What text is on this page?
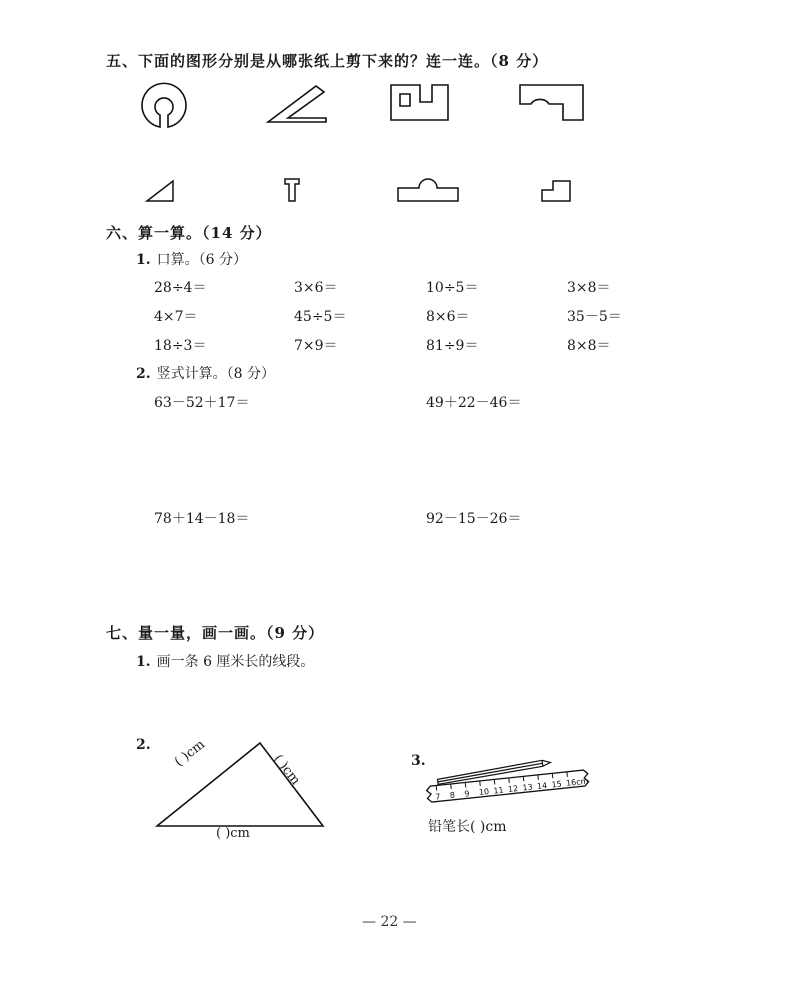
五、下面的图形分别是从哪张纸上剪下来的？连一连。（8 分）
六、算一算。（14 分）
1. 口算。（6 分）
28÷4＝	3×6＝	10÷5＝	3×8＝
4×7＝	45÷5＝	8×6＝	35－5＝
18÷3＝	7×9＝	81÷9＝	8×8＝
2. 竖式计算。（8 分）
63－52＋17＝	49＋22－46＝
78＋14－18＝	92－15－26＝
七、量一量，画一画。（9 分）
1. 画一条 6 厘米长的线段。
2. ( )cm	( )cm
( )cm
3.
7 8 9 10 11 12 13 14 15 16cm
铅笔长( )cm
— 22 —
